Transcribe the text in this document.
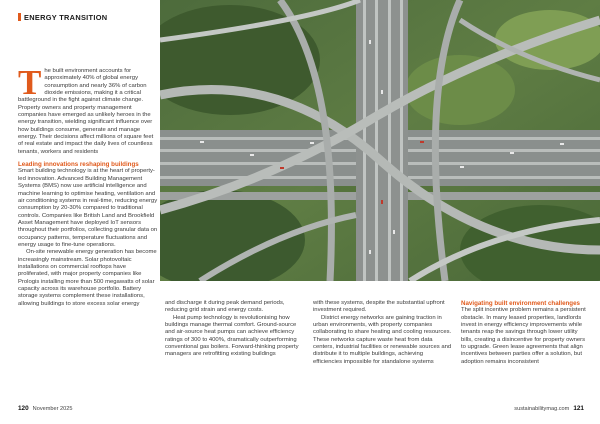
ENERGY TRANSITION

The built environment accounts for approximately 40% of global energy consumption and nearly 36% of carbon dioxide emissions, making it a critical battleground in the fight against climate change. Property owners and property management companies have emerged as unlikely heroes in the energy transition, wielding significant influence over how buildings consume, generate and manage energy. Their decisions affect millions of square feet of real estate and impact the daily lives of countless tenants, workers and residents

Leading innovations reshaping buildings

Smart building technology is at the heart of property-led innovation. Advanced Building Management Systems (BMS) now use artificial intelligence and machine learning to optimise heating, ventilation and air conditioning systems in real-time, reducing energy consumption by 20-30% compared to traditional controls. Companies like British Land and Brookfield Asset Management have deployed IoT sensors throughout their portfolios, collecting granular data on occupancy patterns, temperature fluctuations and energy usage to fine-tune operations.

On-site renewable energy generation has become increasingly mainstream. Solar photovoltaic installations on commercial rooftops have proliferated, with major property companies like Prologis installing more than 500 megawatts of solar capacity across its warehouse portfolio. Battery storage systems complement these installations, allowing buildings to store excess solar energy	and discharge it during peak demand periods, reducing grid strain and energy costs.

Heat pump technology is revolutionising how buildings manage thermal comfort. Ground-source and air-source heat pumps can achieve efficiency ratings of 300 to 400%, dramatically outperforming conventional gas boilers. Forward-thinking property managers are retrofitting existing buildings

with these systems, despite the substantial upfront investment required.

District energy networks are gaining traction in urban environments, with property companies collaborating to share heating and cooling resources. These networks capture waste heat from data centers, industrial facilities or renewable sources and distribute it to multiple buildings, achieving efficiencies impossible for standalone systems

Navigating built environment challenges

The split incentive problem remains a persistent obstacle. In many leased properties, landlords invest in energy efficiency improvements while tenants reap the savings through lower utility bills, creating a disincentive for property owners to upgrade. Green lease agreements that align incentives between parties offer a solution, but adoption remains inconsistent

120 November 2025	sustainabilitymag.com 121
